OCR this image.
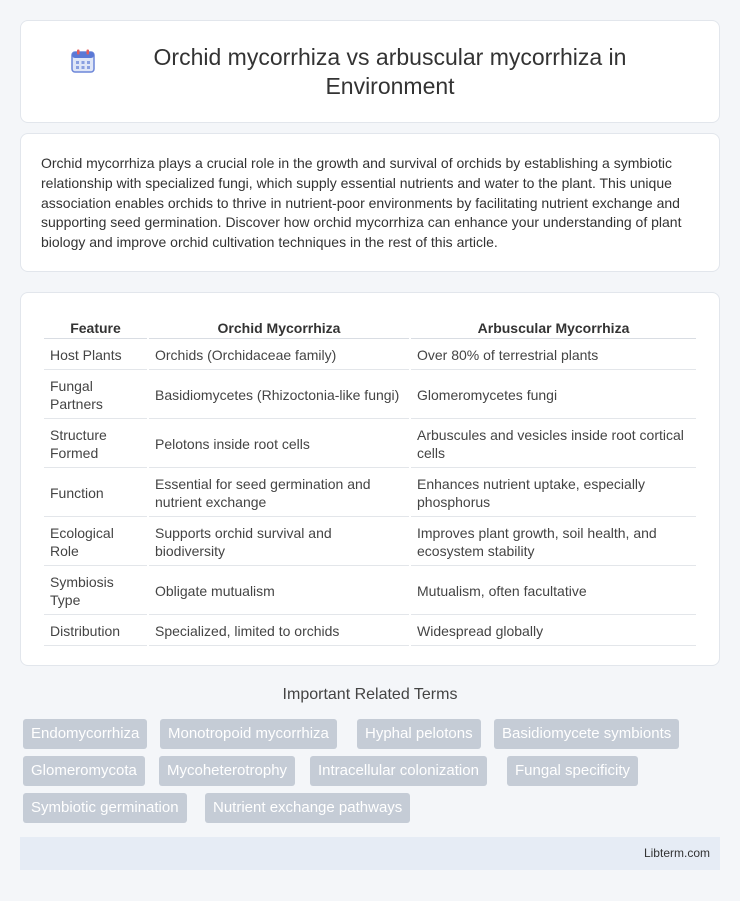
Orchid mycorrhiza vs arbuscular mycorrhiza in Environment

Orchid mycorrhiza plays a crucial role in the growth and survival of orchids by establishing a symbiotic relationship with specialized fungi, which supply essential nutrients and water to the plant. This unique association enables orchids to thrive in nutrient-poor environments by facilitating nutrient exchange and supporting seed germination. Discover how orchid mycorrhiza can enhance your understanding of plant biology and improve orchid cultivation techniques in the rest of this article.

Feature	Orchid Mycorrhiza	Arbuscular Mycorrhiza
Host Plants	Orchids (Orchidaceae family)	Over 80% of terrestrial plants
Fungal Partners	Basidiomycetes (Rhizoctonia-like fungi)	Glomeromycetes fungi
Structure Formed	Pelotons inside root cells	Arbuscules and vesicles inside root cortical cells
Function	Essential for seed germination and nutrient exchange	Enhances nutrient uptake, especially phosphorus
Ecological Role	Supports orchid survival and biodiversity	Improves plant growth, soil health, and ecosystem stability
Symbiosis Type	Obligate mutualism	Mutualism, often facultative
Distribution	Specialized, limited to orchids	Widespread globally
Important Related Terms
Endomycorrhiza	Monotropoid mycorrhiza	Hyphal pelotons	Basidiomycete symbionts
Glomeromycota	Mycoheterotrophy	Intracellular colonization	Fungal specificity
Symbiotic germination	Nutrient exchange pathways
Libterm.com
